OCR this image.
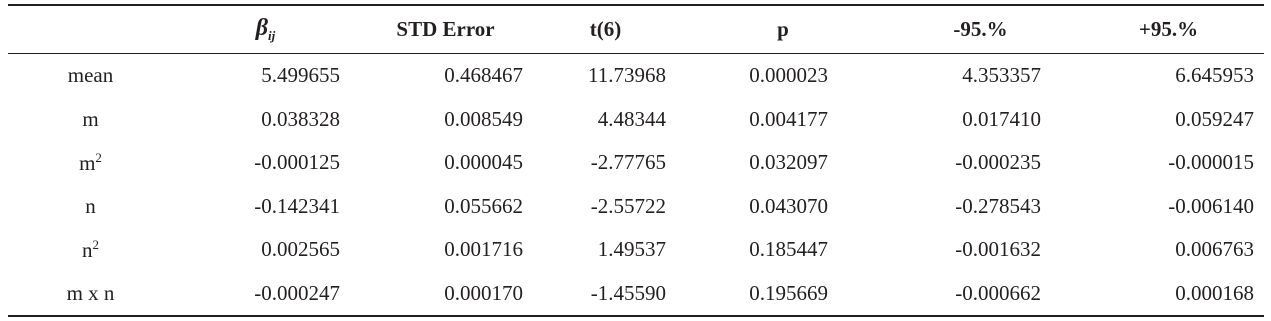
	$\beta_{ij}$	STD Error	t(6)	p	-95.%	+95.%
mean	5.499655	0.468467	11.73968	0.000023	4.353357	6.645953
m	0.038328	0.008549	4.48344	0.004177	0.017410	0.059247
$m^2$	-0.000125	0.000045	-2.77765	0.032097	-0.000235	-0.000015
n	-0.142341	0.055662	-2.55722	0.043070	-0.278543	-0.006140
$n^2$	0.002565	0.001716	1.49537	0.185447	-0.001632	0.006763
m x n	-0.000247	0.000170	-1.45590	0.195669	-0.000662	0.000168
